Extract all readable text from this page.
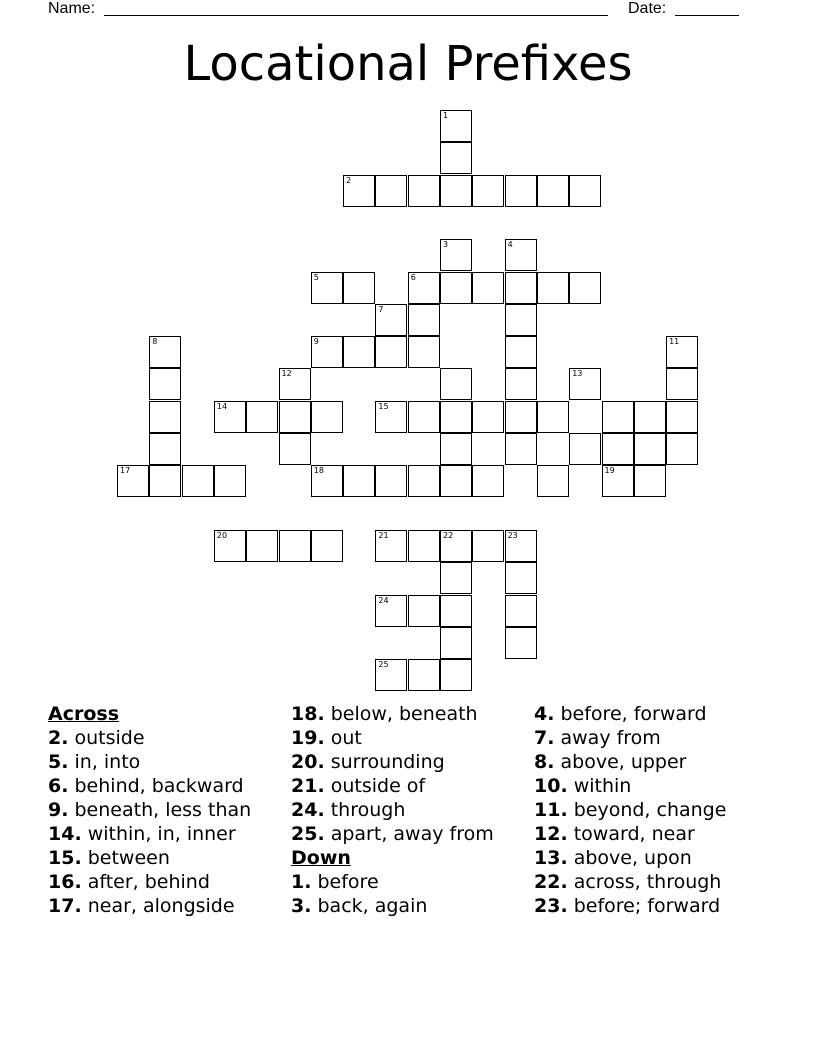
Name:	Date:
Locational Prefixes
1
2
3	4
5	6
7
8	9	11
12	13
14	15
17	18	19
20	21	22	23
24
25
Across
2. outside
5. in, into
6. behind, backward
9. beneath, less than
14. within, in, inner
15. between
16. after, behind
17. near, alongside
18. below, beneath
19. out
20. surrounding
21. outside of
24. through
25. apart, away from
Down
1. before
3. back, again
4. before, forward
7. away from
8. above, upper
10. within
11. beyond, change
12. toward, near
13. above, upon
22. across, through
23. before; forward
